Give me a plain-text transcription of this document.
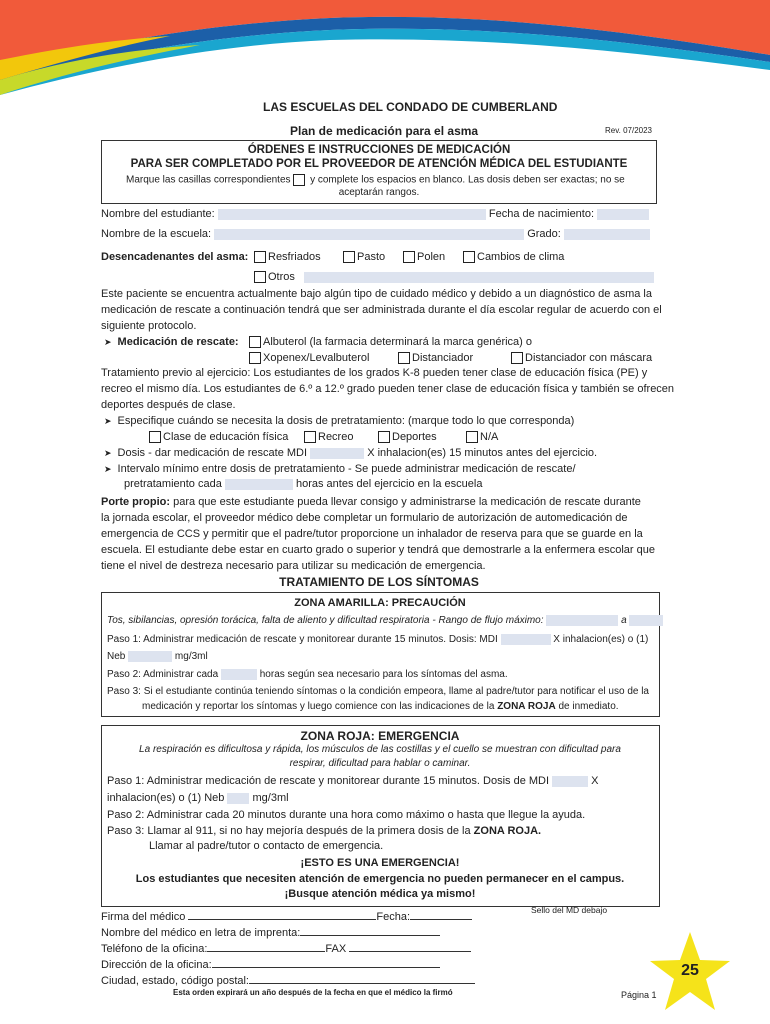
LAS ESCUELAS DEL CONDADO DE CUMBERLAND
Plan de medicación para el asma	Rev. 07/2023
ÓRDENES E INSTRUCCIONES DE MEDICACIÓN
PARA SER COMPLETADO POR EL PROVEEDOR DE ATENCIÓN MÉDICA DEL ESTUDIANTE
Marque las casillas correspondientes y complete los espacios en blanco. Las dosis deben ser exactas; no se
aceptarán rangos.
Nombre del estudiante:	Fecha de nacimiento:
Nombre de la escuela:	Grado:
Desencadenantes del asma:	Resfriados	Pasto	Polen	Cambios de clima
Otros
Este paciente se encuentra actualmente bajo algún tipo de cuidado médico y debido a un diagnóstico de asma la
medicación de rescate a continuación tendrá que ser administrada durante el día escolar regular de acuerdo con el
siguiente protocolo.
➤ Medicación de rescate:	Albuterol (la farmacia determinará la marca genérica) o
Xopenex/Levalbuterol	Distanciador	Distanciador con máscara
Tratamiento previo al ejercicio: Los estudiantes de los grados K-8 pueden tener clase de educación física (PE) y
recreo el mismo día. Los estudiantes de 6.º a 12.º grado pueden tener clase de educación física y también se ofrecen
deportes después de clase.
➤ Especifique cuándo se necesita la dosis de pretratamiento: (marque todo lo que corresponda)
Clase de educación física	Recreo	Deportes	N/A
➤ Dosis - dar medicación de rescate MDI	X inhalacion(es) 15 minutos antes del ejercicio.
➤ Intervalo mínimo entre dosis de pretratamiento - Se puede administrar medicación de rescate/
pretratamiento cada	horas antes del ejercicio en la escuela
Porte propio: para que este estudiante pueda llevar consigo y administrarse la medicación de rescate durante
la jornada escolar, el proveedor médico debe completar un formulario de autorización de automedicación de
emergencia de CCS y permitir que el padre/tutor proporcione un inhalador de reserva para que se guarde en la
escuela. El estudiante debe estar en cuarto grado o superior y tendrá que demostrarle a la enfermera escolar que
tiene el nivel de destreza necesario para utilizar su medicación de emergencia.
TRATAMIENTO DE LOS SÍNTOMAS
ZONA AMARILLA: PRECAUCIÓN
Tos, sibilancias, opresión torácica, falta de aliento y dificultad respiratoria - Rango de flujo máximo:	a
Paso 1: Administrar medicación de rescate y monitorear durante 15 minutos. Dosis: MDI	X inhalacion(es) o (1)
Neb	mg/3ml
Paso 2: Administrar cada	horas según sea necesario para los síntomas del asma.
Paso 3: Si el estudiante continúa teniendo síntomas o la condición empeora, llame al padre/tutor para notificar el uso de la
medicación y reportar los síntomas y luego comience con las indicaciones de la ZONA ROJA de inmediato.
ZONA ROJA: EMERGENCIA
La respiración es dificultosa y rápida, los músculos de las costillas y el cuello se muestran con dificultad para
respirar, dificultad para hablar o caminar.
Paso 1: Administrar medicación de rescate y monitorear durante 15 minutos. Dosis de MDI	X
inhalacion(es) o (1) Neb	mg/3ml
Paso 2: Administrar cada 20 minutos durante una hora como máximo o hasta que llegue la ayuda.
Paso 3: Llamar al 911, si no hay mejoría después de la primera dosis de la ZONA ROJA.
Llamar al padre/tutor o contacto de emergencia.
¡ESTO ES UNA EMERGENCIA!
Los estudiantes que necesiten atención de emergencia no pueden permanecer en el campus.
¡Busque atención médica ya mismo!
Firma del médico	Fecha:
Sello del MD debajo
Nombre del médico en letra de imprenta:
Teléfono de la oficina:	FAX
Dirección de la oficina:
Ciudad, estado, código postal:
Esta orden expirará un año después de la fecha en que el médico la firmó	Página 1
25
